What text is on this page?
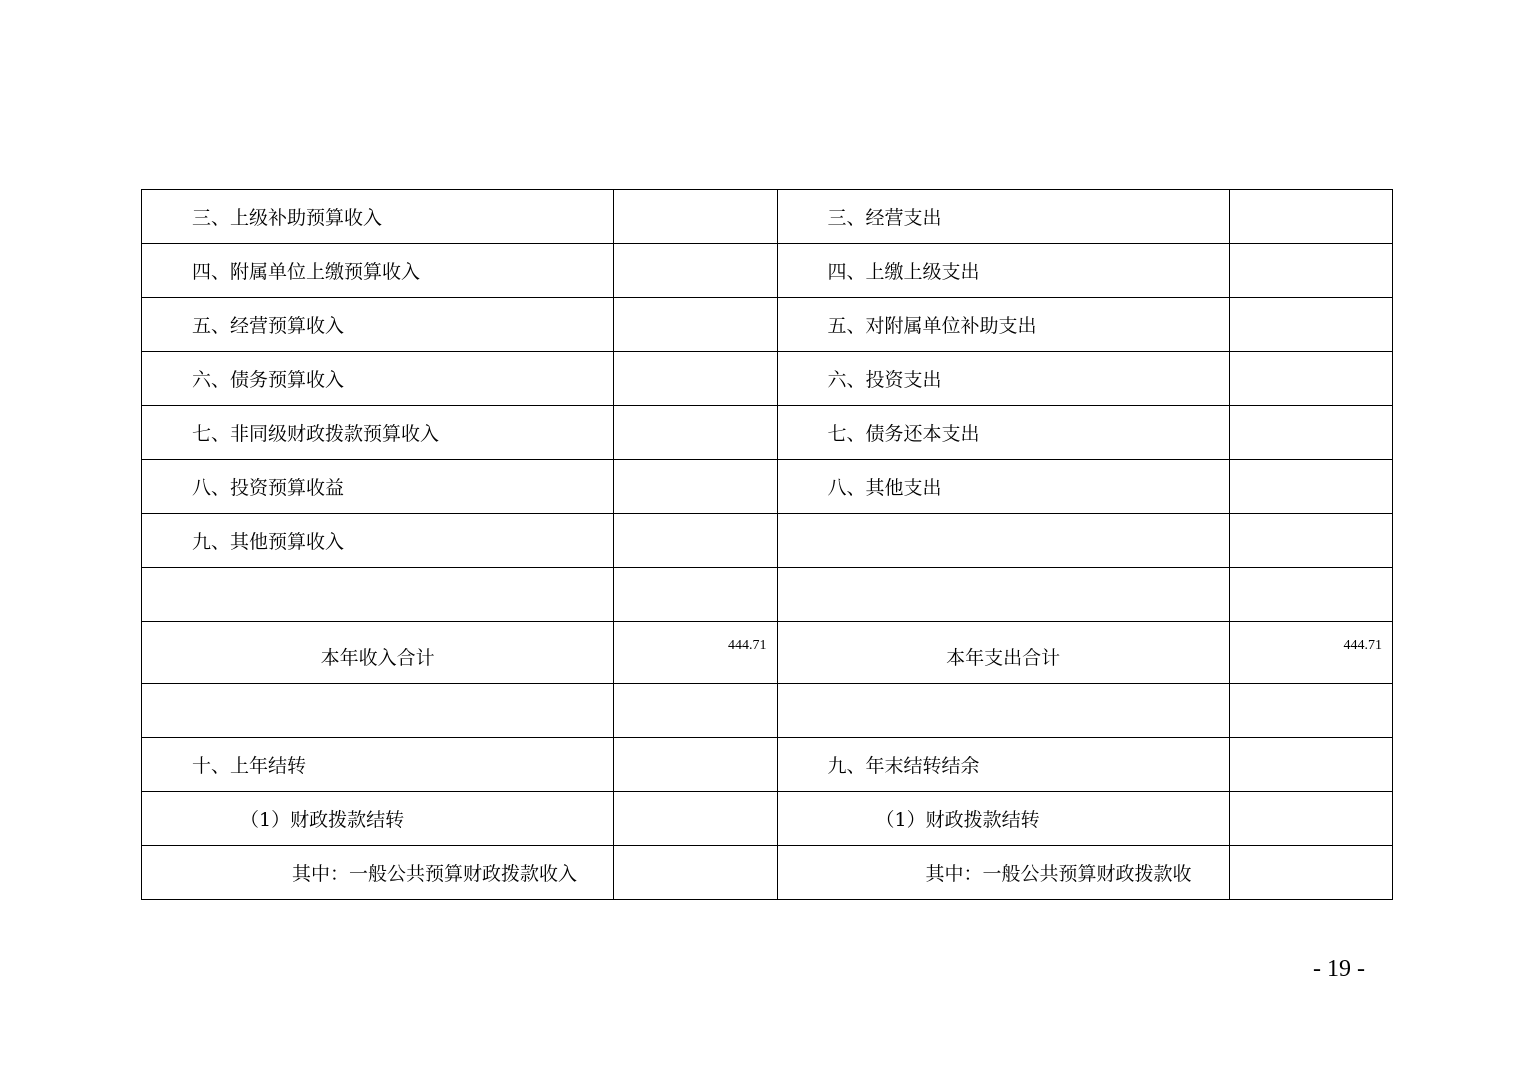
三、上级补助预算收入		三、经营支出	

四、附属单位上缴预算收入		四、上缴上级支出	

五、经营预算收入		五、对附属单位补助支出	

六、债务预算收入		六、投资支出	

七、非同级财政拨款预算收入		七、债务还本支出	

八、投资预算收益		八、其他支出	

九、其他预算收入	

本年收入合计	444.71	本年支出合计	444.71

十、上年结转		九、年末结转结余	

（1）财政拨款结转		（1）财政拨款结转	

其中：一般公共预算财政拨款收入		其中：一般公共预算财政拨款收	
- 19 -
